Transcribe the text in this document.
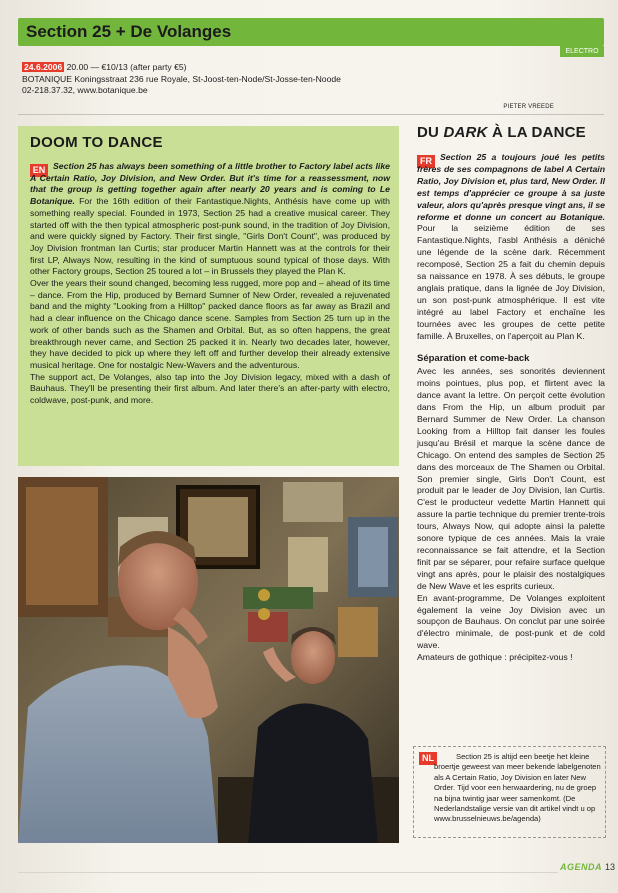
Section 25 + De Volanges
ELECTRO
24.6.2006 20.00 — €10/13 (after party €5)
BOTANIQUE Koningsstraat 236 rue Royale, St-Joost-ten-Node/St-Josse-ten-Noode
02-218.37.32, www.botanique.be
PIETER VREEDE
DOOM TO DANCE
EN Section 25 has always been something of a little brother to Factory label acts like A Certain Ratio, Joy Division, and New Order. But it's time for a reassessment, now that the group is getting together again after nearly 20 years and is coming to Le Botanique. For the 16th edition of their Fantastique.Nights, Anthésis have come up with something really special. Founded in 1973, Section 25 had a creative musical career. They started off with the then typical atmospheric post-punk sound, in the tradition of Joy Division, and were quickly signed by Factory. Their first single, "Girls Don't Count", was produced by Joy Division frontman Ian Curtis; star producer Martin Hannett was at the controls for their first LP, Always Now, resulting in the kind of sumptuous sound typical of those days. With other Factory groups, Section 25 toured a lot – in Brussels they played the Plan K.

Over the years their sound changed, becoming less rugged, more pop and – ahead of its time – dance. From the Hip, produced by Bernard Sumner of New Order, revealed a rejuvenated band and the mighty "Looking from a Hilltop" packed dance floors as far away as Brazil and had a clear influence on the Chicago dance scene. Samples from Section 25 turn up in the work of other bands such as the Shamen and Orbital. But, as so often happens, the great breakthrough never came, and Section 25 packed it in. Nearly two decades later, however, they have decided to pick up where they left off and further develop their already extensive musical heritage. One for nostalgic New-Wavers and the adventurous.

The support act, De Volanges, also tap into the Joy Division legacy, mixed with a dash of Bauhaus. They'll be presenting their first album. And later there's an after-party with electro, coldwave, post-punk, and more.

DU DARK À LA DANCE
FR Section 25 a toujours joué les petits frères de ses compagnons de label A Certain Ratio, Joy Division et, plus tard, New Order. Il est temps d'apprécier ce groupe à sa juste valeur, alors qu'après presque vingt ans, il se reforme et donne un concert au Botanique. Pour la seizième édition de ses Fantastique.Nights, l'asbl Anthésis a déniché une légende de la scène dark. Récemment recomposé, Section 25 a fait du chemin depuis sa naissance en 1978. À ses débuts, le groupe anglais pratique, dans la lignée de Joy Division, un son post-punk atmosphérique. Il est vite intégré au label Factory et enchaîne les tournées avec les groupes de cette petite famille. À Bruxelles, on l'aperçoit au Plan K.

Séparation et come-back

Avec les années, ses sonorités deviennent moins pointues, plus pop, et flirtent avec la dance avant la lettre. On perçoit cette évolution dans From the Hip, un album produit par Bernard Summer de New Order. La chanson Looking from a Hilltop fait danser les foules jusqu'au Brésil et marque la scène dance de Chicago. On entend des samples de Section 25 dans des morceaux de The Shamen ou Orbital. Son premier single, Girls Don't Count, est produit par le leader de Joy Division, Ian Curtis. C'est le producteur vedette Martin Hannett qui assure la partie technique du premier trente-trois tours, Always Now, qui adopte ainsi la palette sonore typique de ces années. Mais la vraie reconnaissance se fait attendre, et la Section finit par se séparer, pour refaire surface quelque vingt ans après, pour le plaisir des nostalgiques de New Wave et les esprits curieux.

En avant-programme, De Volanges exploitent également la veine Joy Division avec un soupçon de Bauhaus. On conclut par une soirée d'électro minimale, de post-punk et de cold wave.

Amateurs de gothique : précipitez-vous !

NL	Section 25 is altijd een beetje het kleine broertje geweest van meer bekende labelgenoten als A Certain Ratio, Joy Division en later New Order. Tijd voor een herwaardering, nu de groep na bijna twintig jaar weer samenkomt. (De Nederlandstalige versie van dit artikel vindt u op www.brusselnieuws.be/agenda)
AGENDA 13
